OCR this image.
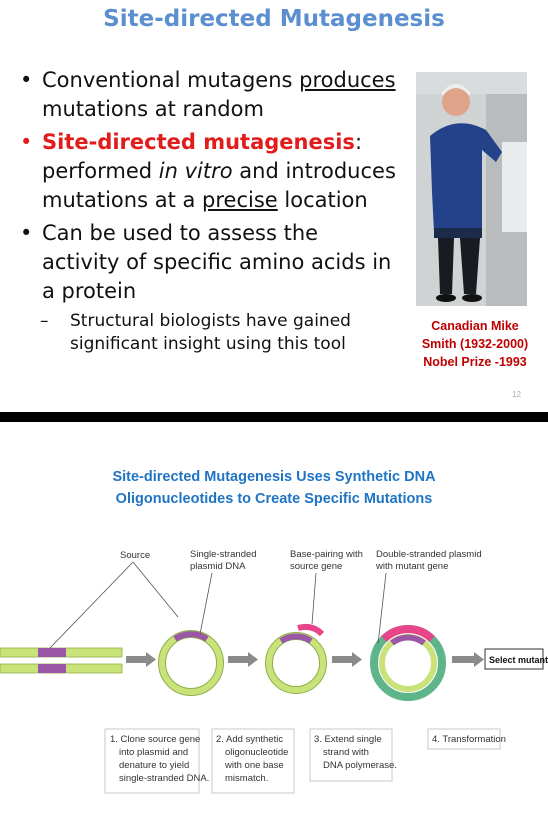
Site-directed Mutagenesis
• Conventional mutagens produces mutations at random
• Site-directed mutagenesis: performed in vitro and introduces mutations at a precise location
• Can be used to assess the activity of specific amino acids in a protein
– Structural biologists have gained significant insight using this tool
Canadian Mike
Smith (1932-2000)
Nobel Prize -1993
12
Site-directed Mutagenesis Uses Synthetic DNA
Oligonucleotides to Create Specific Mutations
Source	Single-stranded
plasmid DNA
Base-pairing with
source gene
Double-stranded plasmid
with mutant gene
Select mutant
1. Clone source gene
into plasmid and
denature to yield
single-stranded DNA.
2. Add synthetic
oligonucleotide
with one base
mismatch.
3. Extend single
strand with
DNA polymerase.
4. Transformation
